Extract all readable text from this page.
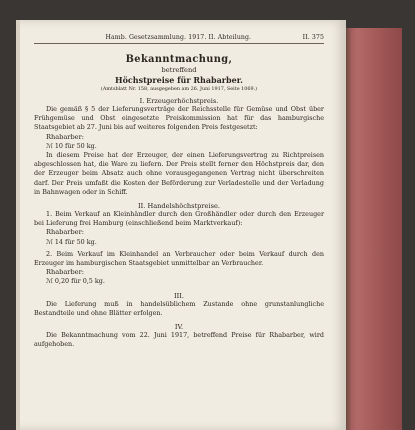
Hamb. Gesetzsammlung. 1917. II. Abteilung.	II. 375
Bekanntmachung,
betreffend
Höchstpreise für Rhabarber.
(Amtsblatt Nr. 158, ausgegeben am 26. Juni 1917, Seite 1069.)
I. Erzeugerhöchstpreis.

Die gemäß § 5 der Lieferungsverträge der Reichsstelle für Gemüse und Obst über Frühgemüse und Obst eingesetzte Preiskommission hat für das hamburgische Staatsgebiet ab 27. Juni bis auf weiteres folgenden Preis festgesetzt:

Rhabarber:
ℳ 10 für 50 kg.

In diesem Preise hat der Erzeuger, der einen Lieferungsvertrag zu Richtpreisen abgeschlossen hat, die Ware zu liefern. Der Preis stellt ferner den Höchstpreis dar, den der Erzeuger beim Absatz auch ohne vorausgegangenen Vertrag nicht überschreiten darf. Der Preis umfaßt die Kosten der Beförderung zur Verladestelle und der Verladung in Bahnwagen oder in Schiff.

II. Handelshöchstpreise.

1. Beim Verkauf an Kleinhändler durch den Großhändler oder durch den Erzeuger bei Lieferung frei Hamburg (einschließend beim Marktverkauf):

Rhabarber:
ℳ 14 für 50 kg.

2. Beim Verkauf im Kleinhandel an Verbraucher oder beim Verkauf durch den Erzeuger im hamburgischen Staatsgebiet unmittelbar an Verbraucher.

Rhabarber:
ℳ 0,20 für 0,5 kg.
III.

Die Lieferung muß in handelsüblichem Zustande ohne grunstanlungliche Bestandteile und ohne Blätter erfolgen.

IV.

Die Bekanntmachung vom 22. Juni 1917, betreffend Preise für Rhabarber, wird aufgehoben.
